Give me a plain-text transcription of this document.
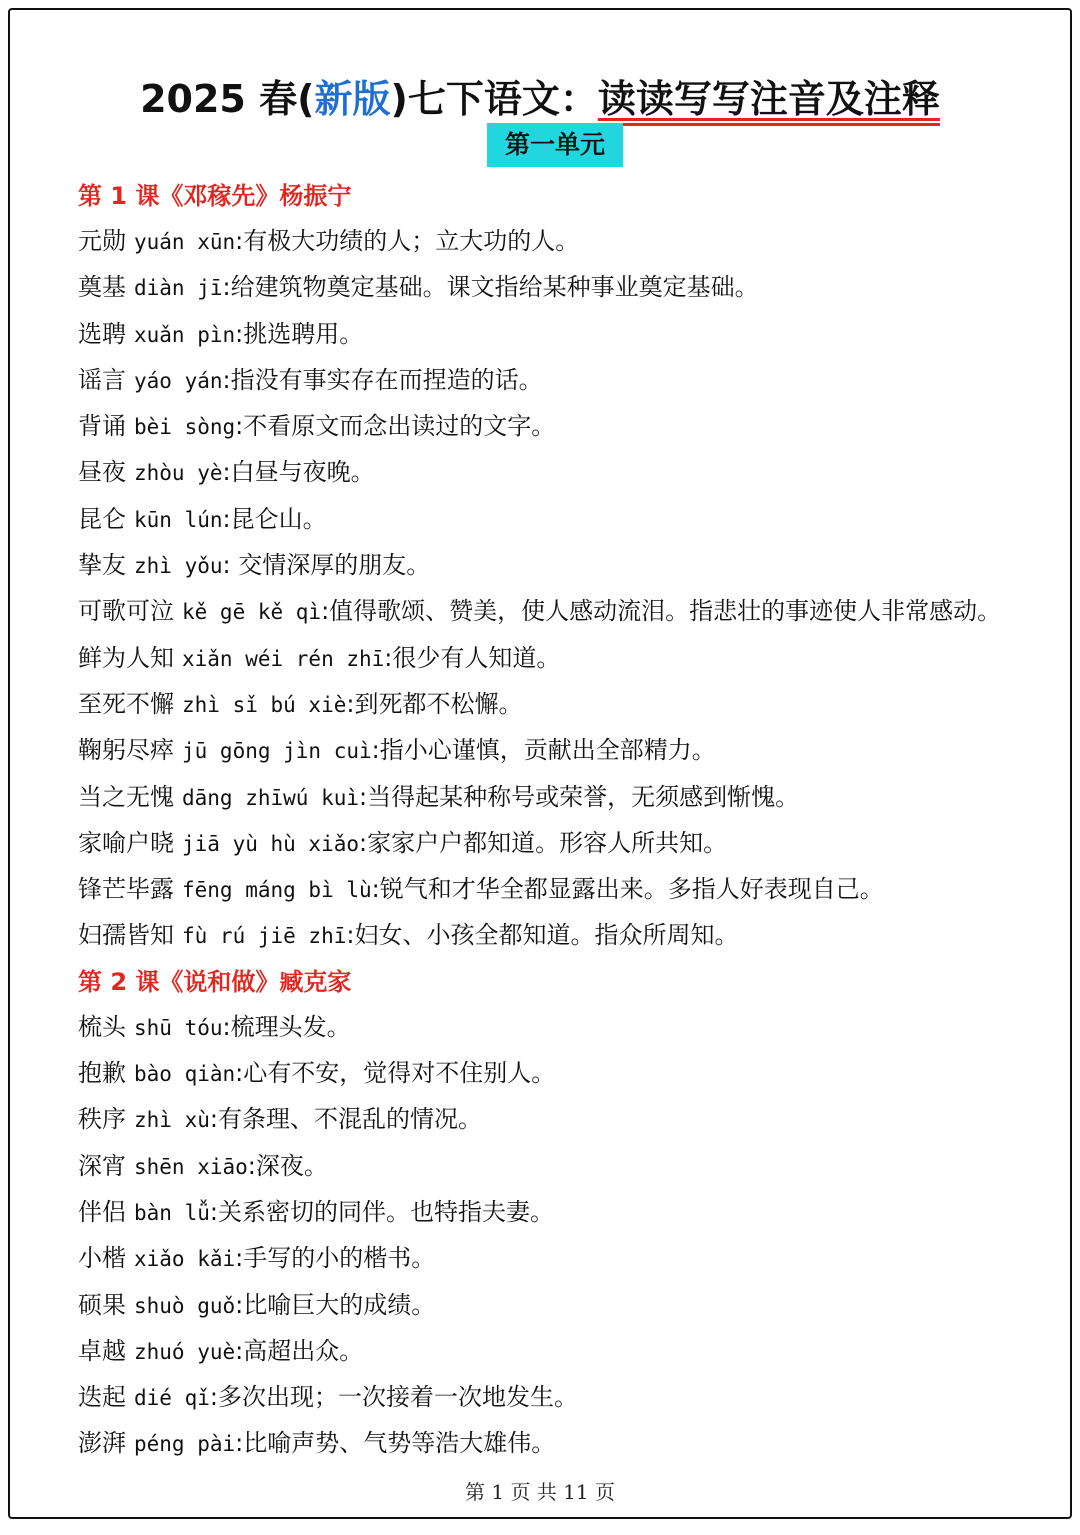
2025 春(新版)七下语文：读读写写注音及注释
第一单元
第 1 课《邓稼先》杨振宁
元勋 yuán xūn:有极大功绩的人；立大功的人。
奠基 diàn jī:给建筑物奠定基础。课文指给某种事业奠定基础。
选聘 xuǎn pìn:挑选聘用。
谣言 yáo yán:指没有事实存在而捏造的话。
背诵 bèi sòng:不看原文而念出读过的文字。
昼夜 zhòu yè:白昼与夜晚。
昆仑 kūn lún:昆仑山。
挚友 zhì yǒu: 交情深厚的朋友。
可歌可泣 kě gē kě qì:值得歌颂、赞美，使人感动流泪。指悲壮的事迹使人非常感动。
鲜为人知 xiǎn wéi rén zhī:很少有人知道。
至死不懈 zhì sǐ bú xiè:到死都不松懈。
鞠躬尽瘁 jū gōng jìn cuì:指小心谨慎，贡献出全部精力。
当之无愧 dāng zhīwú kuì:当得起某种称号或荣誉，无须感到惭愧。
家喻户晓 jiā yù hù xiǎo:家家户户都知道。形容人所共知。
锋芒毕露 fēng máng bì lù:锐气和才华全都显露出来。多指人好表现自己。
妇孺皆知 fù rú jiē zhī:妇女、小孩全都知道。指众所周知。
第 2 课《说和做》臧克家
梳头 shū tóu:梳理头发。
抱歉 bào qiàn:心有不安，觉得对不住别人。
秩序 zhì xù:有条理、不混乱的情况。
深宵 shēn xiāo:深夜。
伴侣 bàn lǚ:关系密切的同伴。也特指夫妻。
小楷 xiǎo kǎi:手写的小的楷书。
硕果 shuò guǒ:比喻巨大的成绩。
卓越 zhuó yuè:高超出众。
迭起 dié qǐ:多次出现；一次接着一次地发生。
澎湃 péng pài:比喻声势、气势等浩大雄伟。
第 1 页 共 11 页
